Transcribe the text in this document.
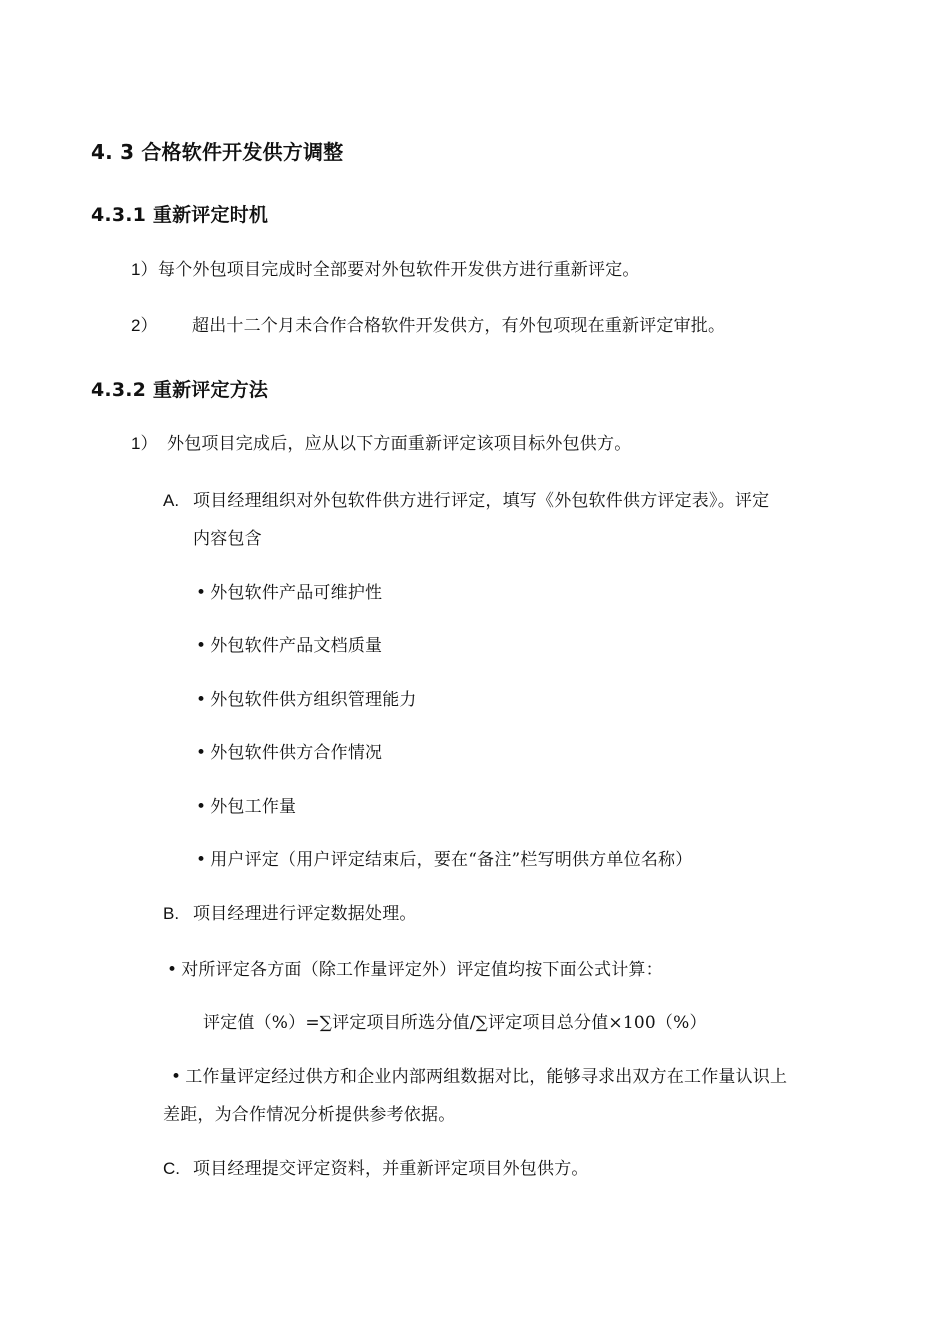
4. 3 合格软件开发供方调整
4.3.1 重新评定时机
1） 每个外包项目完成时全部要对外包软件开发供方进行重新评定。
2） 超出十二个月未合作合格软件开发供方，有外包项现在重新评定审批。
4.3.2 重新评定方法
1） 外包项目完成后，应从以下方面重新评定该项目标外包供方。
A. 项目经理组织对外包软件供方进行评定，填写《外包软件供方评定表》。评定
内容包含
• 外包软件产品可维护性
• 外包软件产品文档质量
• 外包软件供方组织管理能力
• 外包软件供方合作情况
• 外包工作量
• 用户评定（用户评定结束后，要在“备注”栏写明供方单位名称）
B. 项目经理进行评定数据处理。
• 对所评定各方面（除工作量评定外）评定值均按下面公式计算：
评定值（%）=∑评定项目所选分值/∑评定项目总分值×100（%）
• 工作量评定经过供方和企业内部两组数据对比，能够寻求出双方在工作量认识上
差距，为合作情况分析提供参考依据。
C. 项目经理提交评定资料，并重新评定项目外包供方。
